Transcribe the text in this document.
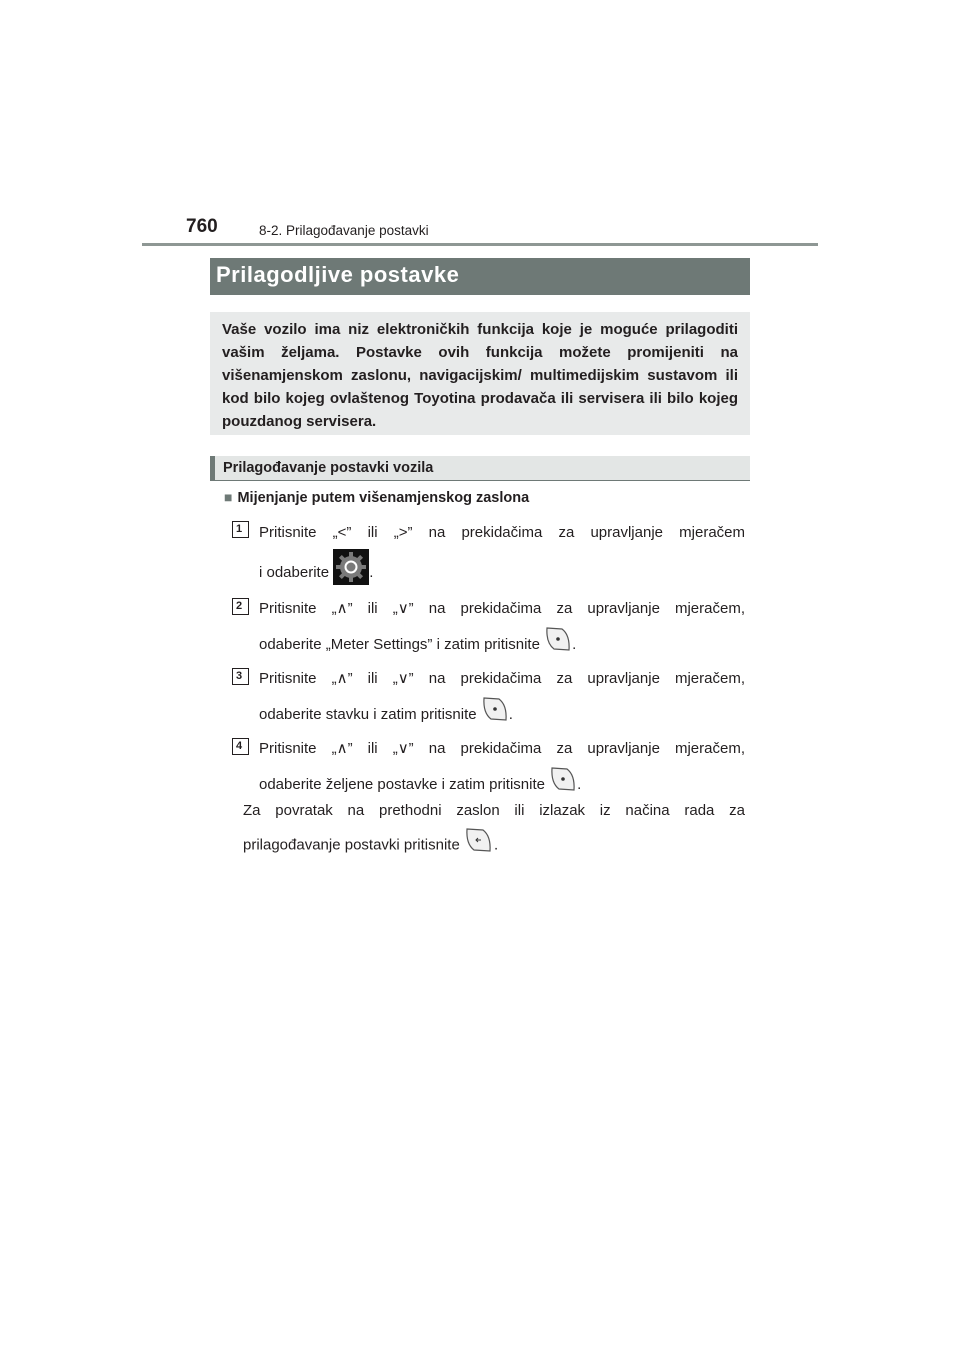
760	8-2. Prilagođavanje postavki
Prilagodljive postavke
Vaše vozilo ima niz elektroničkih funkcija koje je moguće prilagoditi vašim željama. Postavke ovih funkcija možete promijeniti na višenamjenskom zaslonu, navigacijskim/ multimedijskim sustavom ili kod bilo kojeg ovlaštenog Toyotina prodavača ili servisera ili bilo kojeg pouzdanog servisera.
Prilagođavanje postavki vozila
■ Mijenjanje putem višenamjenskog zaslona
1	Pritisnite „<” ili „>” na prekidačima za upravljanje mjeračem
i odaberite	.
2	Pritisnite „∧” ili „∨” na prekidačima za upravljanje mjeračem,
odaberite „Meter Settings” i zatim pritisnite .
3	Pritisnite „∧” ili „∨” na prekidačima za upravljanje mjeračem,
odaberite stavku i zatim pritisnite .
4	Pritisnite „∧” ili „∨” na prekidačima za upravljanje mjeračem,
odaberite željene postavke i zatim pritisnite .
Za povratak na prethodni zaslon ili izlazak iz načina rada za
prilagođavanje postavki pritisnite .
